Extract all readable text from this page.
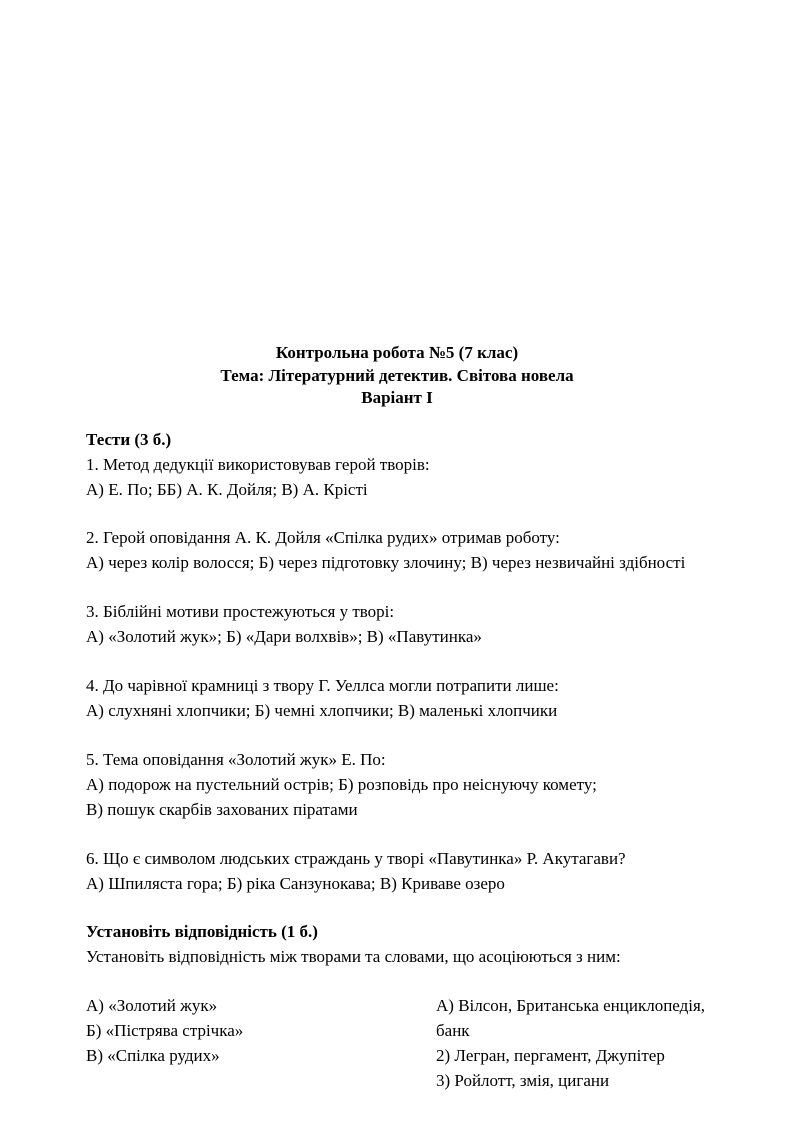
Контрольна робота №5 (7 клас)
Тема: Літературний детектив. Світова новела
Варіант І
Тести (3 б.)
1. Метод дедукції використовував герой творів:
А) Е. По; ББ) А. К. Дойля; В) А. Крісті
2. Герой оповідання А. К. Дойля «Спілка рудих» отримав роботу:
А) через колір волосся; Б) через підготовку злочину; В) через незвичайні здібності
3. Біблійні мотиви простежуються у творі:
А) «Золотий жук»; Б) «Дари волхвів»; В) «Павутинка»
4. До чарівної крамниці з твору Г. Уеллса могли потрапити лише:
А) слухняні хлопчики; Б) чемні хлопчики; В) маленькі хлопчики
5. Тема оповідання «Золотий жук» Е. По:
А) подорож на пустельний острів; Б) розповідь про неіснуючу комету;
В) пошук скарбів захованих піратами
6. Що є символом людських страждань у творі «Павутинка» Р. Акутагави?
А) Шпиляста гора; Б) ріка Санзунокава; В) Криваве озеро
Установіть відповідність (1 б.)
Установіть відповідність між творами та словами, що асоціюються з ним:
А) «Золотий жук»
Б) «Пістрява стрічка»
В) «Спілка рудих»
А) Вілсон, Британська енциклопедія,
банк
2) Легран, пергамент, Джупітер
3) Ройлотт, змія, цигани
